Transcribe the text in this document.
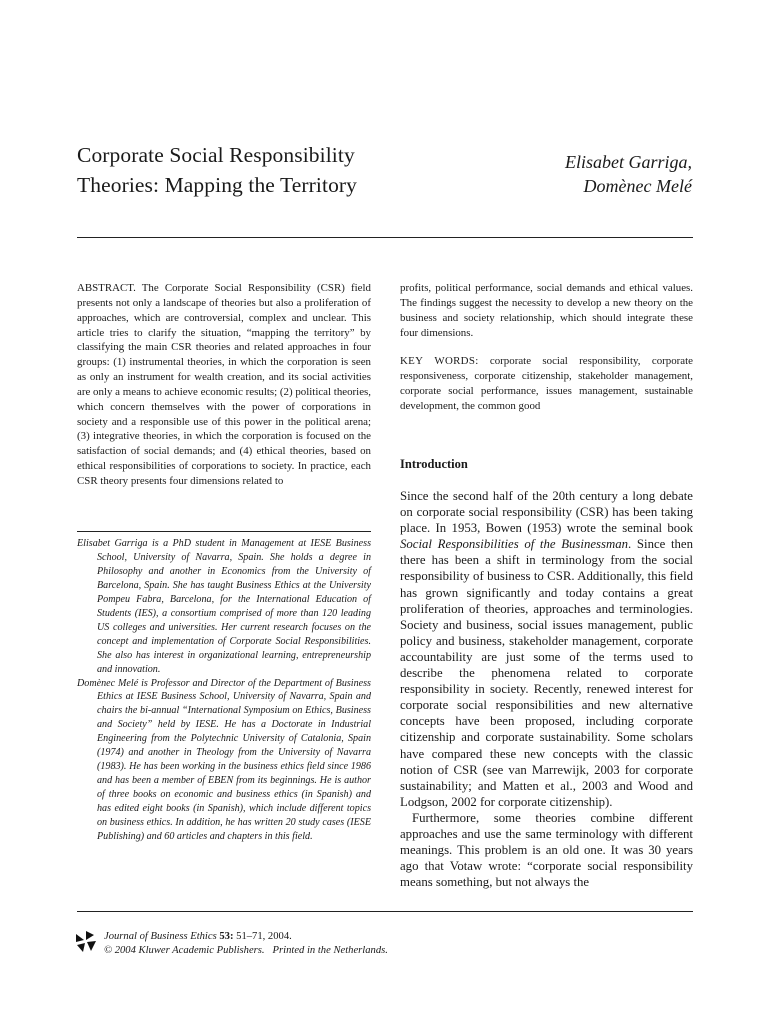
Corporate Social Responsibility
Theories: Mapping the Territory
Elisabet Garriga,
Domènec Melé
ABSTRACT. The Corporate Social Responsibility (CSR) field presents not only a landscape of theories but also a proliferation of approaches, which are controversial, complex and unclear. This article tries to clarify the situation, “mapping the territory” by classifying the main CSR theories and related approaches in four groups: (1) instrumental theories, in which the corporation is seen as only an instrument for wealth creation, and its social activities are only a means to achieve economic results; (2) political theories, which concern themselves with the power of corporations in society and a responsible use of this power in the political arena; (3) integrative theories, in which the corporation is focused on the satisfaction of social demands; and (4) ethical theories, based on ethical responsibilities of corporations to society. In practice, each CSR theory presents four dimensions related to
profits, political performance, social demands and ethical values. The findings suggest the necessity to develop a new theory on the business and society relationship, which should integrate these four dimensions.
KEY WORDS: corporate social responsibility, corporate responsiveness, corporate citizenship, stakeholder management, corporate social performance, issues management, sustainable development, the common good

Elisabet Garriga is a PhD student in Management at IESE Business School, University of Navarra, Spain. She holds a degree in Philosophy and another in Economics from the University of Barcelona, Spain. She has taught Business Ethics at the University Pompeu Fabra, Barcelona, for the International Education of Students (IES), a consortium comprised of more than 120 leading US colleges and universities. Her current research focuses on the concept and implementation of Corporate Social Responsibilities. She also has interest in organizational learning, entrepreneurship and innovation.

Domènec Melé is Professor and Director of the Department of Business Ethics at IESE Business School, University of Navarra, Spain and chairs the bi-annual “International Symposium on Ethics, Business and Society” held by IESE. He has a Doctorate in Industrial Engineering from the Polytechnic University of Catalonia, Spain (1974) and another in Theology from the University of Navarra (1983). He has been working in the business ethics field since 1986 and has been a member of EBEN from its beginnings. He is author of three books on economic and business ethics (in Spanish) and has edited eight books (in Spanish), which include different topics on business ethics. In addition, he has written 20 study cases (IESE Publishing) and 60 articles and chapters in this field.

Introduction

Since the second half of the 20th century a long debate on corporate social responsibility (CSR) has been taking place. In 1953, Bowen (1953) wrote the seminal book Social Responsibilities of the Businessman. Since then there has been a shift in terminology from the social responsibility of business to CSR. Additionally, this field has grown significantly and today contains a great proliferation of theories, approaches and terminologies. Society and business, social issues management, public policy and business, stakeholder management, corporate accountability are just some of the terms used to describe the phenomena related to corporate responsibility in society. Recently, renewed interest for corporate social responsibilities and new alternative concepts have been proposed, including corporate citizenship and corporate sustainability. Some scholars have compared these new concepts with the classic notion of CSR (see van Marrewijk, 2003 for corporate sustainability; and Matten et al., 2003 and Wood and Lodgson, 2002 for corporate citizenship).

Furthermore, some theories combine different approaches and use the same terminology with different meanings. This problem is an old one. It was 30 years ago that Votaw wrote: “corporate social responsibility means something, but not always the

Journal of Business Ethics 53: 51–71, 2004.
© 2004 Kluwer Academic Publishers. Printed in the Netherlands.
